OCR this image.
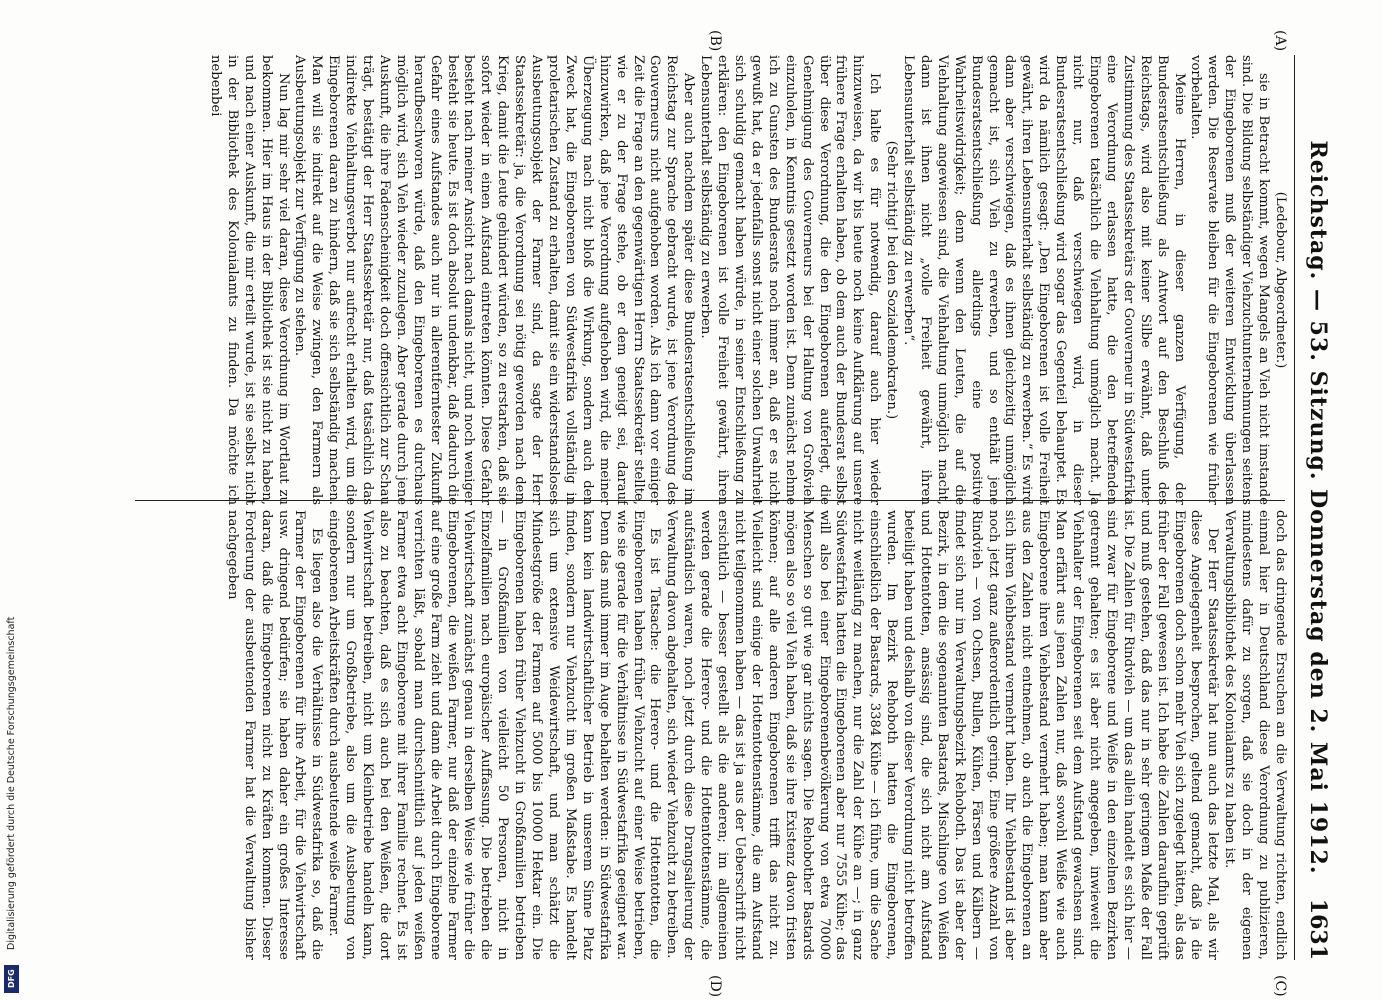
Reichstag. — 53. Sitzung. Donnerstag den 2. Mai 1912.
1631
(A)
(B)
(C)
(D)

(Ledebour, Abgeordneter.)

sie in Betracht kommt, wegen Mangels an Vieh nicht imstande sind. Die Bildung selbständiger Viehzuchtunternehmungen seitens der Eingeborenen muß der weiteren Entwicklung überlassen werden. Die Reservate bleiben für die Eingeborenen wie früher vorbehalten.

Meine Herren, in dieser ganzen Verfügung, der Bundesratsentschließung als Antwort auf den Beschluß des Reichstags, wird also mit keiner Silbe erwähnt, daß unter Zustimmung des Staatssekretärs der Gouverneur in Südwestafrika eine Verordnung erlassen hatte, die den betreffenden Eingeborenen tatsächlich die Viehhaltung unmöglich macht. Ja nicht nur, daß verschwiegen wird, in dieser Bundesratsentschließung wird sogar das Gegenteil behauptet. Es wird da nämlich gesagt: „Den Eingeborenen ist volle Freiheit gewährt, ihren Lebensunterhalt selbständig zu erwerben.“ Es wird dann aber verschwiegen, daß es ihnen gleichzeitig unmöglich gemacht ist, sich Vieh zu erwerben, und so enthält jene Bundesratsentschließung allerdings eine positive Wahrheitswidrigkeit; denn wenn den Leuten, die auf die Viehhaltung angewiesen sind, die Viehhaltung unmöglich macht, dann ist ihnen nicht „volle Freiheit gewährt, ihren Lebensunterhalt selbständig zu erwerben“.

(Sehr richtig! bei den Sozialdemokraten.)

Ich halte es für notwendig, darauf auch hier wieder hinzuweisen, da wir bis heute noch keine Aufklärung auf unsere frühere Frage erhalten haben, ob dem auch der Bundesrat selbst über diese Verordnung, die den Eingeborenen auferlegt, die Genehmigung des Gouverneurs bei der Haltung von Großvieh einzuholen, in Kenntnis gesetzt worden ist. Denn zunächst nehme ich zu Gunsten des Bundesrats noch immer an, daß er es nicht gewußt hat, da er jedenfalls sonst nicht einer solchen Unwahrheit sich schuldig gemacht haben würde, in seiner Entschließung zu erklären: den Eingeborenen ist volle Freiheit gewährt, ihren Lebensunterhalt selbständig zu erwerben.

Aber auch nachdem später diese Bundesratsentschließung im Reichstag zur Sprache gebracht wurde, ist jene Verordnung des Gouverneurs nicht aufgehoben worden. Als ich dann vor einiger Zeit die Frage an den gegenwärtigen Herrn Staatssekretär stellte, wie er zu der Frage stehe, ob er dem geneigt sei, darauf hinzuwirken, daß jene Verordnung aufgehoben wird, die meiner Überzeugung nach nicht bloß die Wirkung, sondern auch den Zweck hat, die Eingeborenen von Südwestafrika vollständig in proletarischen Zustand zu erhalten, damit sie ein widerstandsloses Ausbeutungsobjekt der Farmer sind, da sagte der Herr Staatssekretär: ja, die Verordnung sei nötig geworden nach dem Krieg, damit die Leute gehindert würden, so zu erstarken, daß sie sofort wieder in einen Aufstand eintreten könnten. Diese Gefahr besteht nach meiner Ansicht nach damals nicht, und noch weniger besteht sie heute. Es ist doch absolut undenkbar, daß dadurch die Gefahr eines Aufstandes auch nur in allerentferntester Zukunft heraufbeschworen würde, daß den Eingeborenen es durchaus möglich wird, sich Vieh wieder zuzulegen. Aber gerade durch jene Auskunft, die ihre Fadenscheinigkeit doch offensichtlich zur Schau trägt, bestätigt der Herr Staatssekretär nur, daß tatsächlich das indirekte Viehhaltungsverbot nur aufrecht erhalten wird, um die Eingeborenen daran zu hindern, daß sie sich selbständig machen. Man will sie indirekt auf die Weise zwingen, den Farmern als Ausbeutungsobjekt zur Verfügung zu stehen.

Nun lag mir sehr viel daran, diese Verordnung im Wortlaut zu bekommen. Hier im Haus in der Bibliothek ist sie nicht zu haben, und nach einer Auskunft, die mir erteilt wurde, ist sie selbst nicht in der Bibliothek des Kolonialamts zu finden. Da möchte ich nebenbei

doch das dringende Ersuchen an die Verwaltung richten, endlich einmal hier in Deutschland diese Verordnung zu publizieren, mindestens dafür zu sorgen, daß sie doch in der eigenen Verwaltungsbibliothek des Kolonialamts zu haben ist.

Der Herr Staatssekretär hat nun auch das letzte Mal, als wir diese Angelegenheit besprochen, geltend gemacht, daß ja die Eingeborenen doch schon mehr Vieh sich zugelegt hätten, als das früher der Fall gewesen ist. Ich habe die Zahlen daraufhin geprüft und muß gestehen, daß das nur in sehr geringem Maße der Fall ist. Die Zahlen für Rindvieh — um das allein handelt es sich hier — sind zwar für Eingeborene und Weiße in den einzelnen Bezirken getrennt gehalten; es ist aber nicht angegeben, inwieweit die Viehhalter der Eingeborenen seit dem Aufstand gewachsen sind. Man erfährt aus jenen Zahlen nur, daß sowohl Weiße wie auch Eingeborene ihren Viehbestand vermehrt haben; man kann aber aus den Zahlen nicht entnehmen, ob auch die Eingeborenen an sich ihren Viehbestand vermehrt haben. Ihr Viehbestand ist aber noch jetzt ganz außerordentlich gering. Eine größere Anzahl von Rindvieh — von Ochsen, Bullen, Kühen, Färsen und Kälbern — findet sich nur im Verwaltungsbezirk Rehoboth. Das ist aber der Bezirk, in dem die sogenannten Bastards, Mischlinge von Weißen und Hottentotten, ansässig sind, die sich nicht am Aufstand beteiligt haben und deshalb von dieser Verordnung nicht betroffen wurden. Im Bezirk Rehoboth hatten die Eingeborenen, einschließlich der Bastards, 3384 Kühe — ich führe, um die Sache nicht weitläufig zu machen, nur die Zahl der Kühe an —; in ganz Südwestafrika hatten die Eingeborenen aber nur 7555 Kühe; das will also bei einer Eingeborenenbevölkerung von etwa 70000 Menschen so gut wie gar nichts sagen. Die Rehobother Bastards mögen also so viel Vieh haben, daß sie ihre Existenz davon fristen können; auf alle anderen Eingeborenen trifft das nicht zu. Vielleicht sind einige der Hottentottenstämme, die am Aufstand nicht teilgenommen haben — das ist ja aus der Ueberschrift nicht ersichtlich — besser gestellt als die anderen; im allgemeinen werden gerade die Herero- und die Hottentottenstämme, die aufständisch waren, noch jetzt durch diese Drangsalierung der Verwaltung davon abgehalten, sich wieder Viehzucht zu betreiben.

Es ist Tatsache: die Herero- und die Hottentotten, die Eingeborenen haben früher Viehzucht auf einer Weise betrieben, wie sie gerade für die Verhältnisse in Südwestafrika geeignet war. Denn das muß immer im Auge behalten werden: in Südwestafrika kann kein landwirtschaftlicher Betrieb in unserem Sinne Platz finden, sondern nur Viehzucht im großen Maßstabe. Es handelt sich um extensive Weidewirtschaft, und man schätzt die Mindestgröße der Farmen auf 5000 bis 10000 Hektar ein. Die Eingeborenen haben früher Viehzucht in Großfamilien betrieben — in Großfamilien von vielleicht 50 Personen, nicht in Einzelfamilien nach europäischer Auffassung. Die betrieben die Viehwirtschaft zunächst genau in derselben Weise wie früher die Eingeborenen, die weißen Farmer, nur daß der einzelne Farmer auf eine große Farm zieht und dann die Arbeit durch Eingeborene verrichten läßt, sobald man durchschnittlich auf jeden weißen Farmer etwa acht Eingeborene mit ihrer Familie rechnet. Es ist also zu beachten, daß es sich auch bei den Weißen, die dort Viehwirtschaft betreiben, nicht um Kleinbetriebe handeln kann, sondern nur um Großbetriebe, also um die Ausbeutung von eingeborenen Arbeitskräften durch ausbeutende weiße Farmer.

Es liegen also die Verhältnisse in Südwestafrika so, daß die Farmer der Eingeborenen für ihre Arbeit, für die Viehwirtschaft usw. dringend bedürfen; sie haben daher ein großes Interesse daran, daß die Eingeborenen nicht zu Kräften kommen. Dieser Forderung der ausbeutenden Farmer hat die Verwaltung bisher nachgegeben

Digitalisierung gefördert durch die Deutsche Forschungsgemeinschaft
DFG
